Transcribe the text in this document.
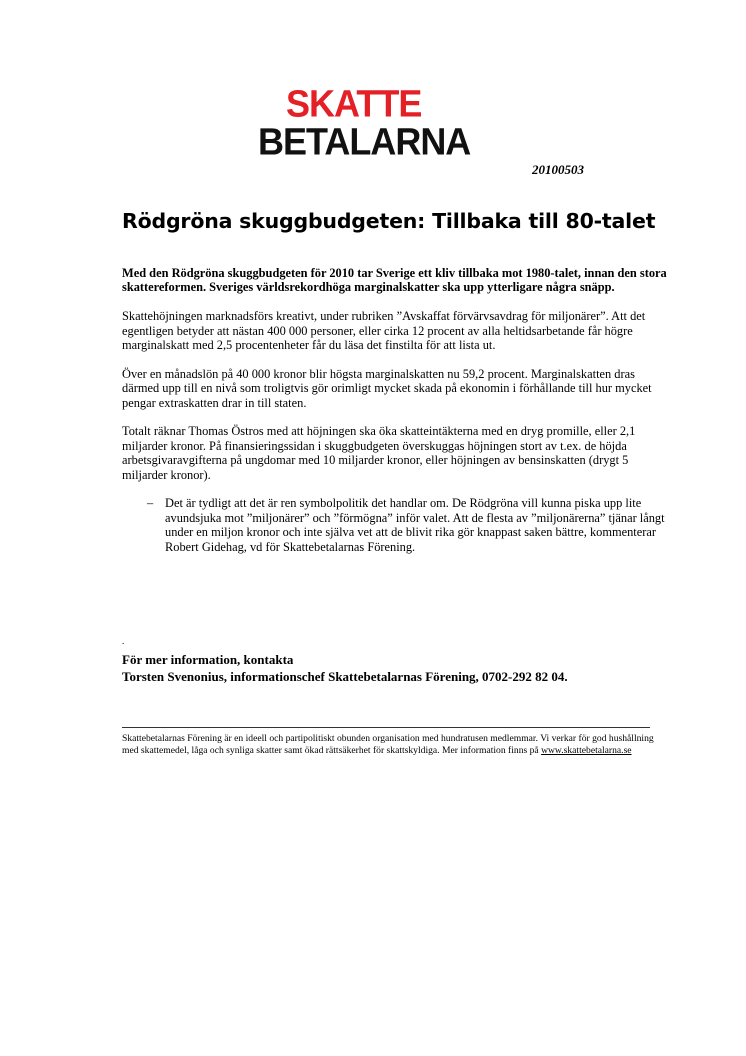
SKATTE
BETALARNA
20100503
Rödgröna skuggbudgeten: Tillbaka till 80-talet

Med den Rödgröna skuggbudgeten för 2010 tar Sverige ett kliv tillbaka mot 1980-talet, innan den stora skattereformen. Sveriges världsrekordhöga marginalskatter ska upp ytterligare några snäpp.

Skattehöjningen marknadsförs kreativt, under rubriken ”Avskaffat förvärvsavdrag för miljonärer”. Att det egentligen betyder att nästan 400 000 personer, eller cirka 12 procent av alla heltidsarbetande får högre marginalskatt med 2,5 procentenheter får du läsa det finstilta för att lista ut.

Över en månadslön på 40 000 kronor blir högsta marginalskatten nu 59,2 procent. Marginalskatten dras därmed upp till en nivå som troligtvis gör orimligt mycket skada på ekonomin i förhållande till hur mycket pengar extraskatten drar in till staten.

Totalt räknar Thomas Östros med att höjningen ska öka skatteintäkterna med en dryg promille, eller 2,1 miljarder kronor. På finansieringssidan i skuggbudgeten överskuggas höjningen stort av t.ex. de höjda arbetsgivaravgifterna på ungdomar med 10 miljarder kronor, eller höjningen av bensinskatten (drygt 5 miljarder kronor).

– Det är tydligt att det är ren symbolpolitik det handlar om. De Rödgröna vill kunna piska upp lite avundsjuka mot ”miljonärer” och ”förmögna” inför valet. Att de flesta av ”miljonärerna” tjänar långt under en miljon kronor och inte själva vet att de blivit rika gör knappast saken bättre, kommenterar Robert Gidehag, vd för Skattebetalarnas Förening.
.
För mer information, kontakta
Torsten Svenonius, informationschef Skattebetalarnas Förening, 0702-292 82 04.
Skattebetalarnas Förening är en ideell och partipolitiskt obunden organisation med hundratusen medlemmar. Vi verkar för god hushållning med skattemedel, låga och synliga skatter samt ökad rättsäkerhet för skattskyldiga. Mer information finns på www.skattebetalarna.se
